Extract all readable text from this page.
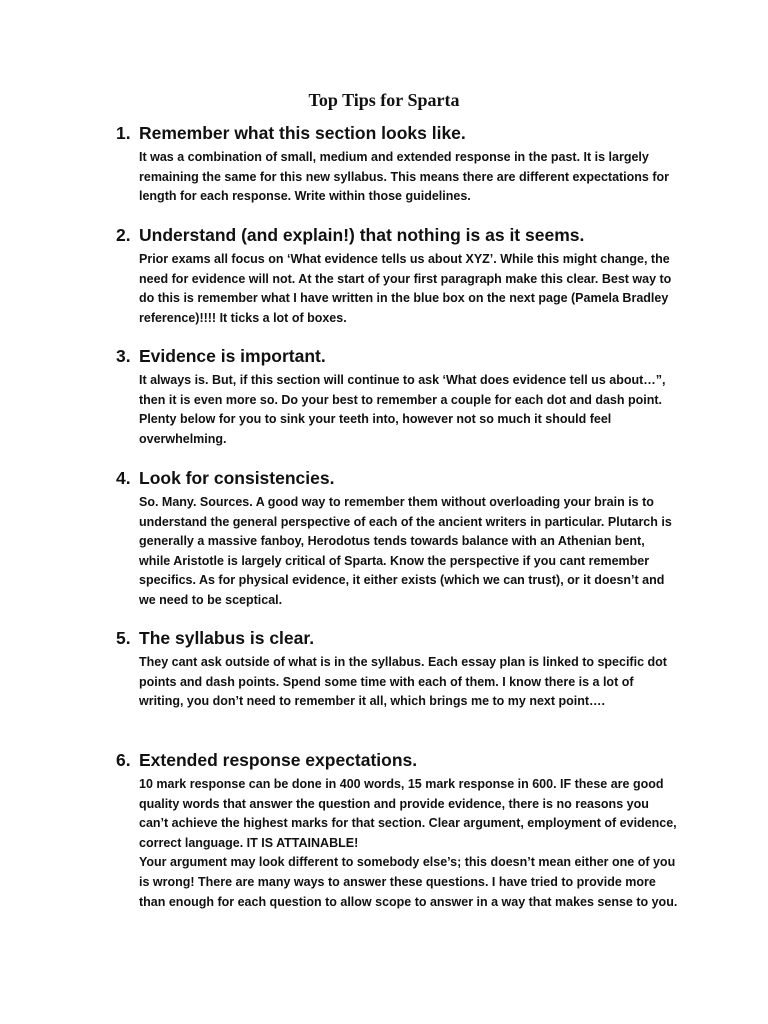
Top Tips for Sparta
1. Remember what this section looks like.

It was a combination of small, medium and extended response in the past. It is largely remaining the same for this new syllabus. This means there are different expectations for length for each response. Write within those guidelines.

2. Understand (and explain!) that nothing is as it seems.

Prior exams all focus on ‘What evidence tells us about XYZ’. While this might change, the need for evidence will not. At the start of your first paragraph make this clear. Best way to do this is remember what I have written in the blue box on the next page (Pamela Bradley reference)!!!! It ticks a lot of boxes.

3. Evidence is important.

It always is. But, if this section will continue to ask ‘What does evidence tell us about…”, then it is even more so. Do your best to remember a couple for each dot and dash point. Plenty below for you to sink your teeth into, however not so much it should feel overwhelming.

4. Look for consistencies.

So. Many. Sources. A good way to remember them without overloading your brain is to understand the general perspective of each of the ancient writers in particular. Plutarch is generally a massive fanboy, Herodotus tends towards balance with an Athenian bent, while Aristotle is largely critical of Sparta. Know the perspective if you cant remember specifics. As for physical evidence, it either exists (which we can trust), or it doesn’t and we need to be sceptical.

5. The syllabus is clear.

They cant ask outside of what is in the syllabus. Each essay plan is linked to specific dot points and dash points. Spend some time with each of them. I know there is a lot of writing, you don’t need to remember it all, which brings me to my next point….

6. Extended response expectations.

10 mark response can be done in 400 words, 15 mark response in 600. IF these are good quality words that answer the question and provide evidence, there is no reasons you can’t achieve the highest marks for that section. Clear argument, employment of evidence, correct language. IT IS ATTAINABLE!

Your argument may look different to somebody else’s; this doesn’t mean either one of you is wrong! There are many ways to answer these questions. I have tried to provide more than enough for each question to allow scope to answer in a way that makes sense to you.
